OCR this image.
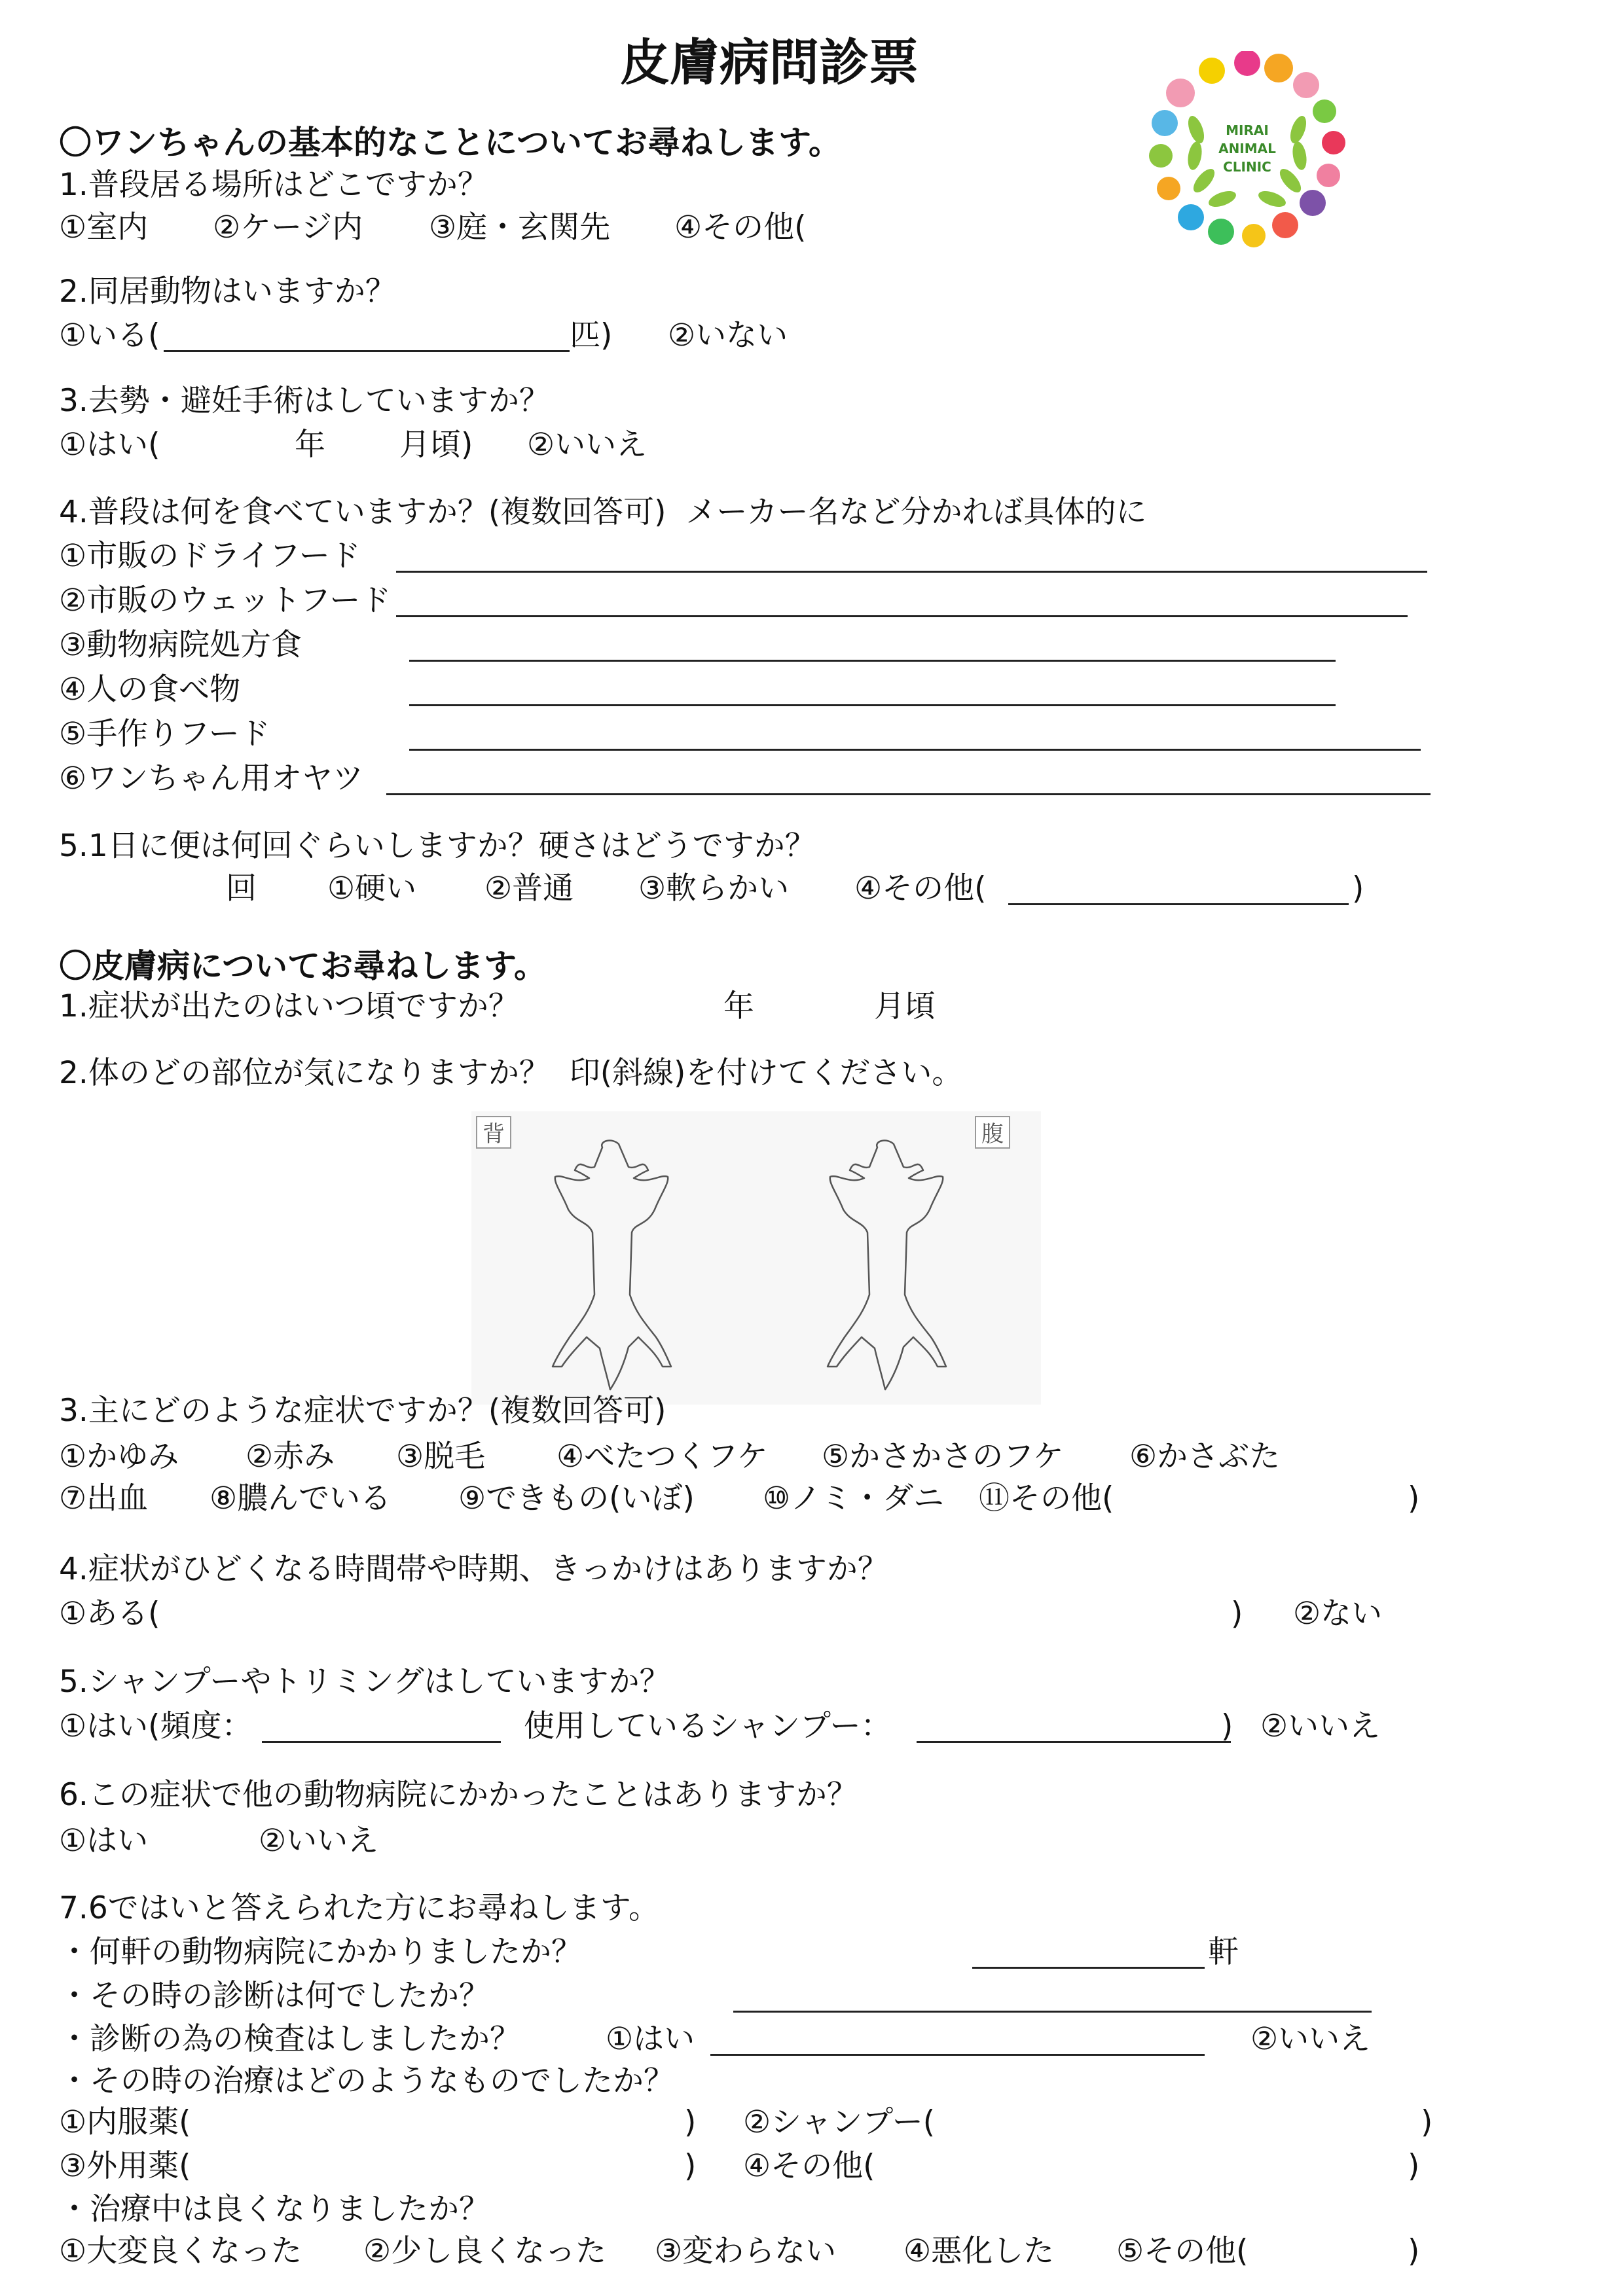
皮膚病問診票
MIRAI
ANIMAL
CLINIC
〇ワンちゃんの基本的なことについてお尋ねします。
1.普段居る場所はどこですか？
①室内 ②ケージ内 ③庭・玄関先 ④その他(
2.同居動物はいますか？
①いる(	匹) ②いない
3.去勢・避妊手術はしていますか？
①はい(	年 月頃) ②いいえ
4.普段は何を食べていますか？(複数回答可)  メーカー名など分かれば具体的に
①市販のドライフード
②市販のウェットフード
③動物病院処方食
④人の食べ物
⑤手作りフード
⑥ワンちゃん用オヤツ
5.1日に便は何回ぐらいしますか？硬さはどうですか？
回 ①硬い ②普通 ③軟らかい ④その他(	)
〇皮膚病についてお尋ねします。
1.症状が出たのはいつ頃ですか？	年	月頃
2.体のどの部位が気になりますか？  印(斜線)を付けてください。
背	腹
3.主にどのような症状ですか？(複数回答可)
①かゆみ ②赤み ③脱毛 ④べたつくフケ ⑤かさかさのフケ ⑥かさぶた
⑦出血 ⑧膿んでいる ⑨できもの(いぼ) ⑩ノミ・ダニ ⑪その他(	)
4.症状がひどくなる時間帯や時期、きっかけはありますか？
①ある(	) ②ない
5.シャンプーやトリミングはしていますか？
①はい(頻度：	使用しているシャンプー：	) ②いいえ
6.この症状で他の動物病院にかかったことはありますか？
①はい	②いいえ
7.6ではいと答えられた方にお尋ねします。
・何軒の動物病院にかかりましたか？	軒
・その時の診断は何でしたか？
・診断の為の検査はしましたか？	①はい	②いいえ
・その時の治療はどのようなものでしたか？
①内服薬(	) ②シャンプー(	)
③外用薬(	) ④その他(	)
・治療中は良くなりましたか？
①大変良くなった ②少し良くなった ③変わらない ④悪化した ⑤その他(	)
